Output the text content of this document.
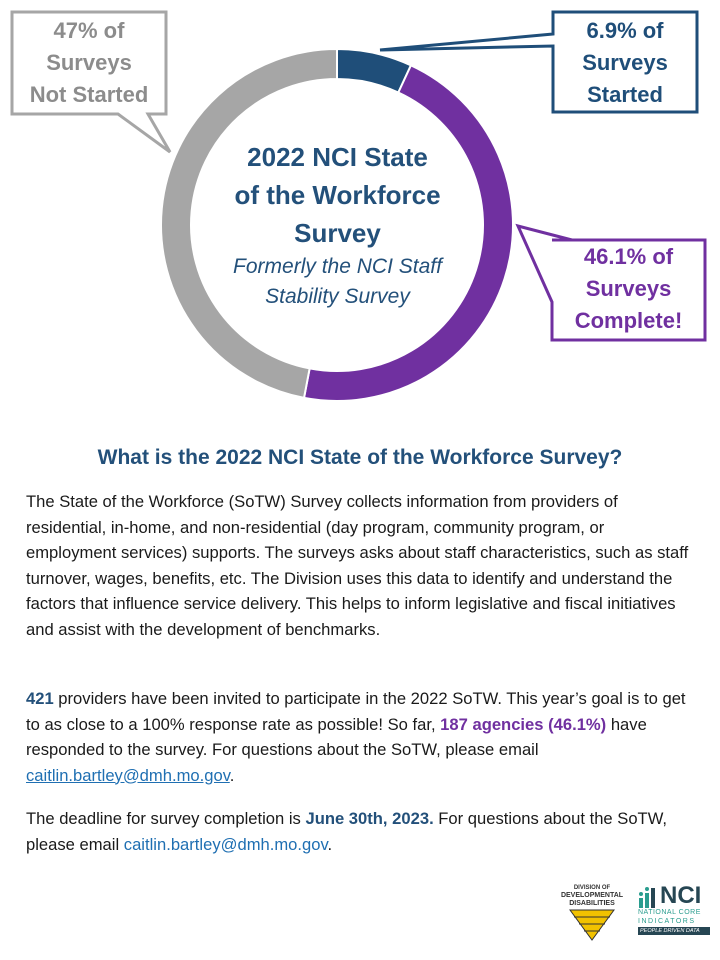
47% of
Surveys
Not Started
6.9% of
Surveys
Started
46.1% of
Surveys
Complete!
2022 NCI State
of the Workforce
Survey
Formerly the NCI Staff
Stability Survey
What is the 2022 NCI State of the Workforce Survey?
The State of the Workforce (SoTW) Survey collects information from providers of residential, in-home, and non-residential (day program, community program, or employment services) supports. The surveys asks about staff characteristics, such as staff turnover, wages, benefits, etc. The Division uses this data to identify and understand the factors that influence service delivery. This helps to inform legislative and fiscal initiatives and assist with the development of benchmarks.
421 providers have been invited to participate in the 2022 SoTW. This year’s goal is to get to as close to a 100% response rate as possible! So far, 187 agencies (46.1%) have responded to the survey. For questions about the SoTW, please email caitlin.bartley@dmh.mo.gov.
The deadline for survey completion is June 30th, 2023. For questions about the SoTW, please email caitlin.bartley@dmh.mo.gov.
DIVISION OF
DEVELOPMENTAL
DISABILITIES	NCI
NATIONAL CORE
INDICATORS
PEOPLE DRIVEN DATA
